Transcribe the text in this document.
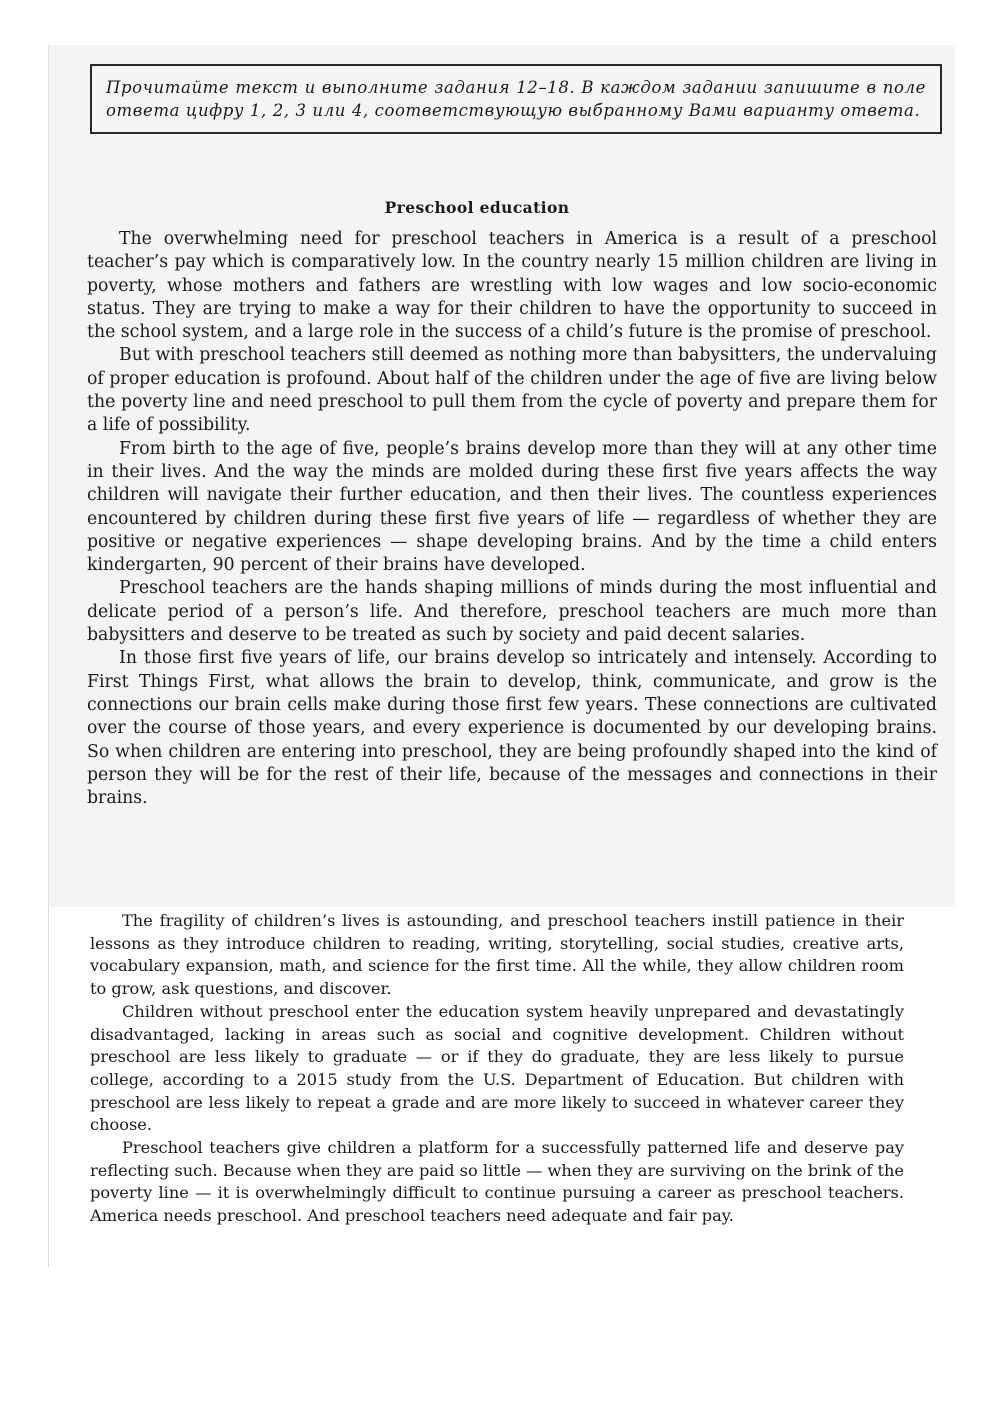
Прочитайте текст и выполните задания 12–18. В каждом задании запишите в поле ответа цифру 1, 2, 3 или 4, соответствующую выбранному Вами варианту ответа.
Preschool education

The overwhelming need for preschool teachers in America is a result of a preschool teacher’s pay which is comparatively low. In the country nearly 15 million children are living in poverty, whose mothers and fathers are wrestling with low wages and low socio-economic status. They are trying to make a way for their children to have the opportunity to succeed in the school system, and a large role in the success of a child’s future is the promise of preschool.

But with preschool teachers still deemed as nothing more than babysitters, the undervaluing of proper education is profound. About half of the children under the age of five are living below the poverty line and need preschool to pull them from the cycle of poverty and prepare them for a life of possibility.

From birth to the age of five, people’s brains develop more than they will at any other time in their lives. And the way the minds are molded during these first five years affects the way children will navigate their further education, and then their lives. The countless experiences encountered by children during these first five years of life — regardless of whether they are positive or negative experiences — shape developing brains. And by the time a child enters kindergarten, 90 percent of their brains have developed.

Preschool teachers are the hands shaping millions of minds during the most influential and delicate period of a person’s life. And therefore, preschool teachers are much more than babysitters and deserve to be treated as such by society and paid decent salaries.

In those first five years of life, our brains develop so intricately and intensely. According to First Things First, what allows the brain to develop, think, communicate, and grow is the connections our brain cells make during those first few years. These connections are cultivated over the course of those years, and every experience is documented by our developing brains. So when children are entering into preschool, they are being profoundly shaped into the kind of person they will be for the rest of their life, because of the messages and connections in their brains.

The fragility of children’s lives is astounding, and preschool teachers instill patience in their lessons as they introduce children to reading, writing, storytelling, social studies, creative arts, vocabulary expansion, math, and science for the first time. All the while, they allow children room to grow, ask questions, and discover.

Children without preschool enter the education system heavily unprepared and devastatingly disadvantaged, lacking in areas such as social and cognitive development. Children without preschool are less likely to graduate — or if they do graduate, they are less likely to pursue college, according to a 2015 study from the U.S. Department of Education. But children with preschool are less likely to repeat a grade and are more likely to succeed in whatever career they choose.

Preschool teachers give children a platform for a successfully patterned life and deserve pay reflecting such. Because when they are paid so little — when they are surviving on the brink of the poverty line — it is overwhelmingly difficult to continue pursuing a career as preschool teachers. America needs preschool. And preschool teachers need adequate and fair pay.
